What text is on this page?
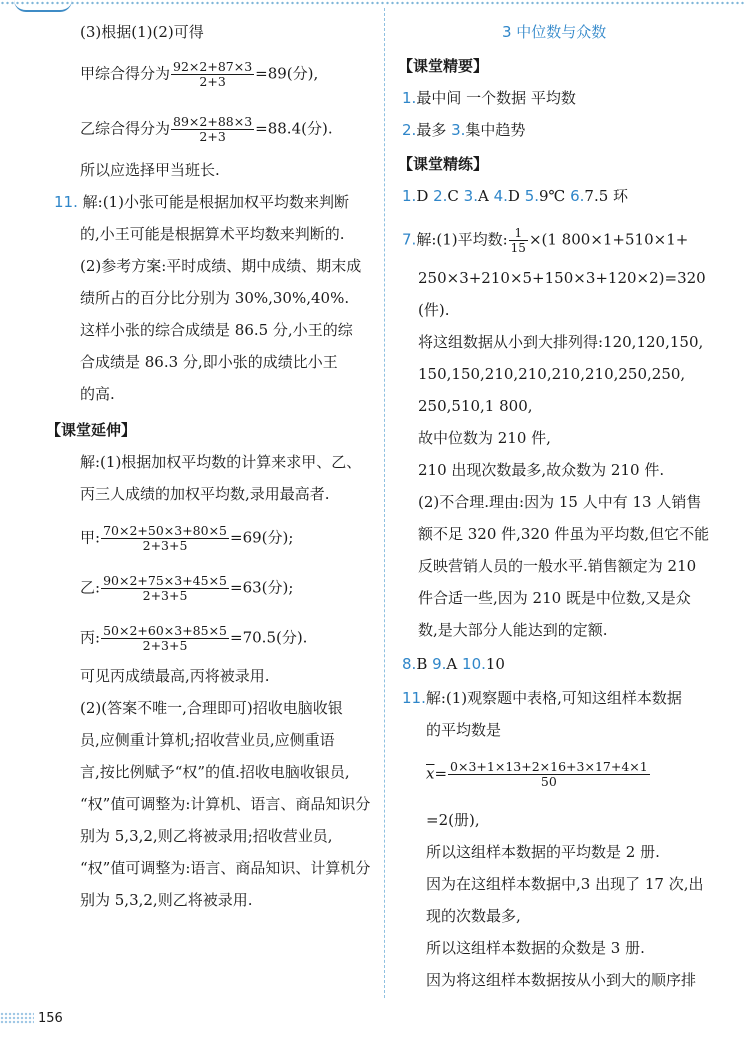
(3)根据(1)(2)可得
甲综合得分为 $\frac{92\times 2+87\times 3}{2+3} =89$(分),
乙综合得分为 $\frac{89\times 2+88\times 3}{2+3} =88.4$(分).
所以应选择甲当班长.
11. 解:(1)小张可能是根据加权平均数来判断
的,小王可能是根据算术平均数来判断的.
(2)参考方案:平时成绩、期中成绩、期末成
绩所占的百分比分别为 30%,30%,40%.
这样小张的综合成绩是 86.5 分,小王的综
合成绩是 86.3 分,即小张的成绩比小王
的高.
【课堂延伸】
解:(1)根据加权平均数的计算来求甲、乙、
丙三人成绩的加权平均数,录用最高者.
甲: $\frac{70\times 2+50\times 3+80\times 5}{2+3+5} =69$(分);
乙: $\frac{90\times 2+75\times 3+45\times 5}{2+3+5} =63$(分);
丙: $\frac{50\times 2+60\times 3+85\times 5}{2+3+5} =70.5$(分).
可见丙成绩最高,丙将被录用.
(2)(答案不唯一,合理即可)招收电脑收银
员,应侧重计算机;招收营业员,应侧重语
言,按比例赋予“权”的值.招收电脑收银员,
“权”值可调整为:计算机、语言、商品知识分
别为 5,3,2,则乙将被录用;招收营业员,
“权”值可调整为:语言、商品知识、计算机分
别为 5,3,2,则乙将被录用.
3 中位数与众数
【课堂精要】
1.最中间 一个数据 平均数
2.最多 3.集中趋势
【课堂精练】
1.D 2.C 3.A 4.D 5.9℃ 6.7.5 环
7.解:(1)平均数: $\frac{1}{15} \times(1$ 800×1+510×1+
250×3+210×5+150×3+120×2)=320
(件).
将这组数据从小到大排列得:120,120,150,
150,150,210,210,210,210,250,250,
250,510,1 800,
故中位数为 210 件,
210 出现次数最多,故众数为 210 件.
(2)不合理.理由:因为 15 人中有 13 人销售
额不足 320 件,320 件虽为平均数,但它不能
反映营销人员的一般水平.销售额定为 210
件合适一些,因为 210 既是中位数,又是众
数,是大部分人能达到的定额.
8.B 9.A 10.10
11.解:(1)观察题中表格,可知这组样本数据
的平均数是
$\overline{x}= \frac{0\times 3+1\times 13+2\times 16+3\times 17+4\times 1}{50}$
=2(册),
所以这组样本数据的平均数是 2 册.
因为在这组样本数据中,3 出现了 17 次,出
现的次数最多,
所以这组样本数据的众数是 3 册.
因为将这组样本数据按从小到大的顺序排
156
